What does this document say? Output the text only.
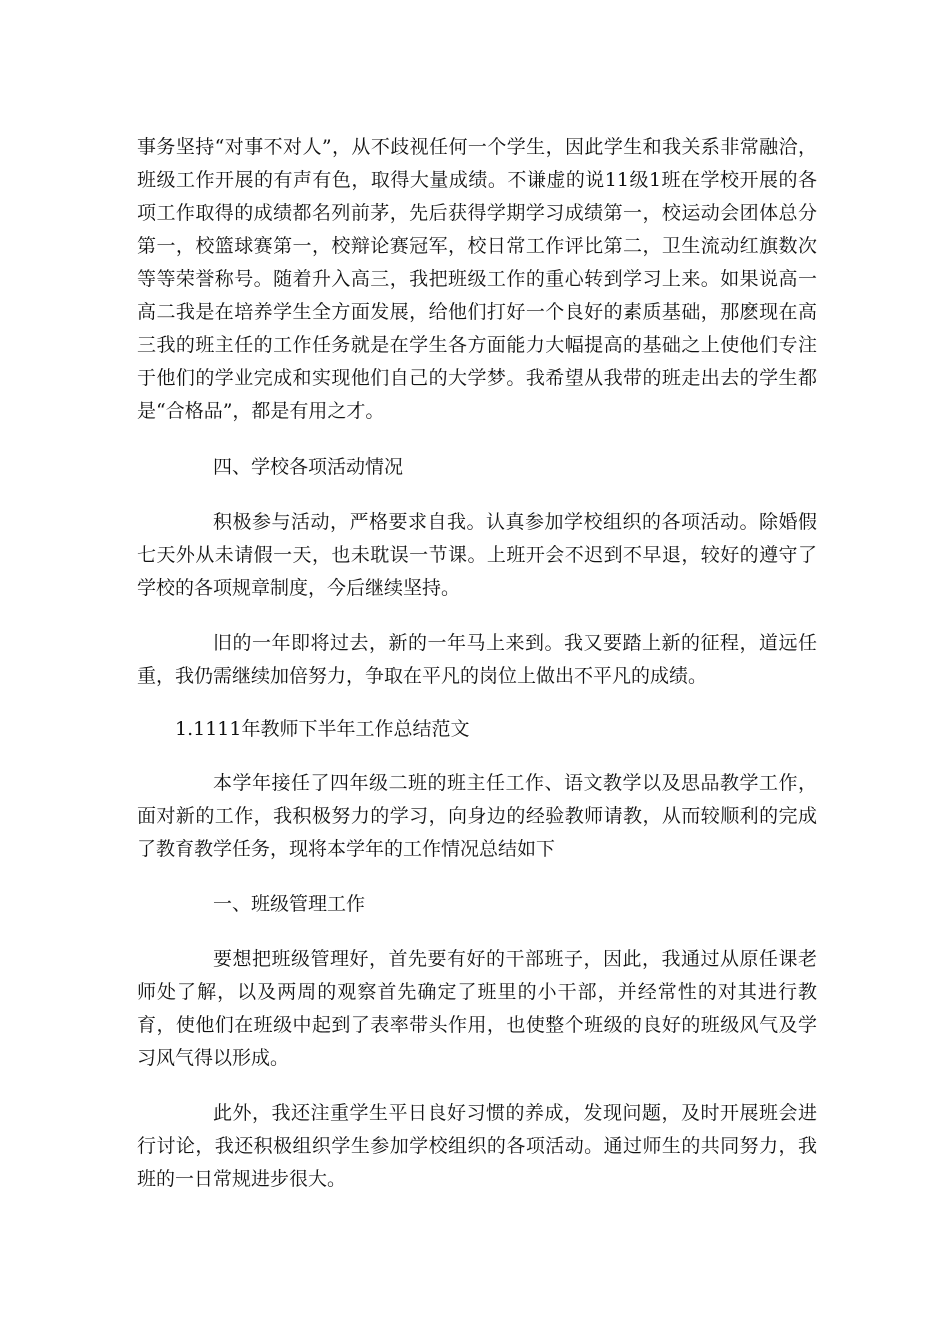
事务坚持“对事不对人”，从不歧视任何一个学生，因此学生和我关系非常融洽，班级工作开展的有声有色，取得大量成绩。不谦虚的说11级1班在学校开展的各项工作取得的成绩都名列前茅，先后获得学期学习成绩第一，校运动会团体总分第一，校篮球赛第一，校辩论赛冠军，校日常工作评比第二，卫生流动红旗数次等等荣誉称号。随着升入高三，我把班级工作的重心转到学习上来。如果说高一高二我是在培养学生全方面发展，给他们打好一个良好的素质基础，那麽现在高三我的班主任的工作任务就是在学生各方面能力大幅提高的基础之上使他们专注于他们的学业完成和实现他们自己的大学梦。我希望从我带的班走出去的学生都是“合格品”，都是有用之才。

四、学校各项活动情况

积极参与活动，严格要求自我。认真参加学校组织的各项活动。除婚假七天外从未请假一天，也未耽误一节课。上班开会不迟到不早退，较好的遵守了学校的各项规章制度，今后继续坚持。

旧的一年即将过去，新的一年马上来到。我又要踏上新的征程，道远任重，我仍需继续加倍努力，争取在平凡的岗位上做出不平凡的成绩。

1.1111年教师下半年工作总结范文

本学年接任了四年级二班的班主任工作、语文教学以及思品教学工作，面对新的工作，我积极努力的学习，向身边的经验教师请教，从而较顺利的完成了教育教学任务，现将本学年的工作情况总结如下

一、班级管理工作

要想把班级管理好，首先要有好的干部班子，因此，我通过从原任课老师处了解，以及两周的观察首先确定了班里的小干部，并经常性的对其进行教育，使他们在班级中起到了表率带头作用，也使整个班级的良好的班级风气及学习风气得以形成。

此外，我还注重学生平日良好习惯的养成，发现问题，及时开展班会进行讨论，我还积极组织学生参加学校组织的各项活动。通过师生的共同努力，我班的一日常规进步很大。
